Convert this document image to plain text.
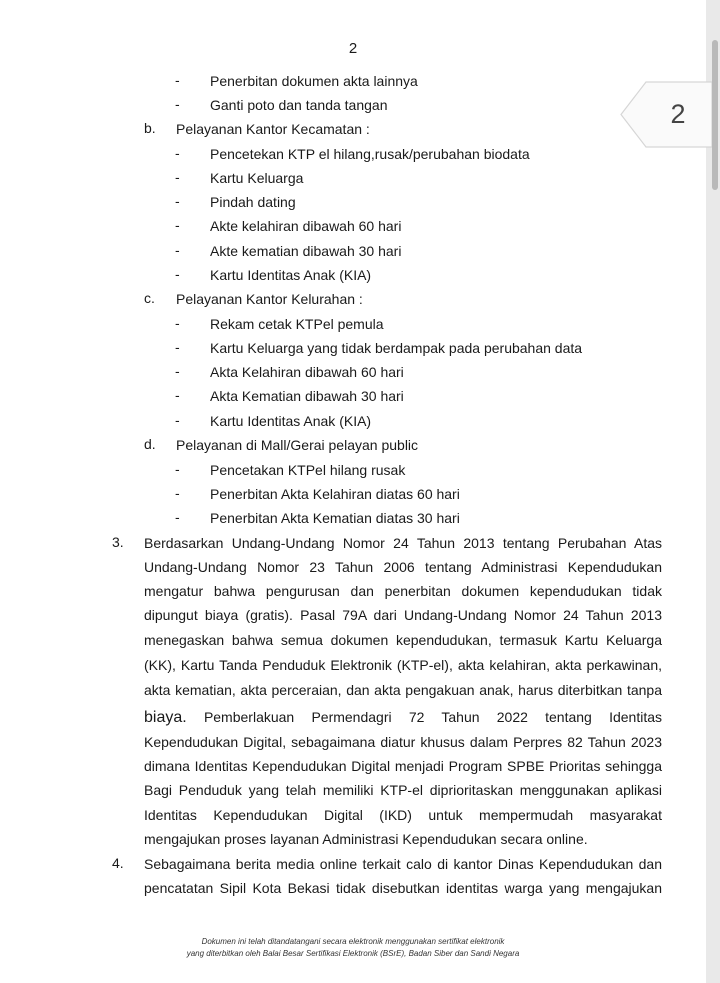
2
- Penerbitan dokumen akta lainnya
- Ganti poto dan tanda tangan
b. Pelayanan Kantor Kecamatan :
- Pencetekan KTP el hilang,rusak/perubahan biodata
- Kartu Keluarga
- Pindah dating
- Akte kelahiran dibawah 60 hari
- Akte kematian dibawah 30 hari
- Kartu Identitas Anak (KIA)
c. Pelayanan Kantor Kelurahan :
- Rekam cetak KTPel pemula
- Kartu Keluarga yang tidak berdampak pada perubahan data
- Akta Kelahiran dibawah 60 hari
- Akta Kematian dibawah 30 hari
- Kartu Identitas Anak (KIA)
d. Pelayanan di Mall/Gerai pelayan public
- Pencetakan KTPel hilang rusak
- Penerbitan Akta Kelahiran diatas 60 hari
- Penerbitan Akta Kematian diatas 30 hari
3. Berdasarkan Undang-Undang Nomor 24 Tahun 2013 tentang Perubahan Atas
Undang-Undang Nomor 23 Tahun 2006 tentang Administrasi Kependudukan
mengatur bahwa pengurusan dan penerbitan dokumen kependudukan tidak
dipungut biaya (gratis). Pasal 79A dari Undang-Undang Nomor 24 Tahun 2013
menegaskan bahwa semua dokumen kependudukan, termasuk Kartu Keluarga
(KK), Kartu Tanda Penduduk Elektronik (KTP-el), akta kelahiran, akta perkawinan,
akta kematian, akta perceraian, dan akta pengakuan anak, harus diterbitkan tanpa
biaya. Pemberlakuan Permendagri 72 Tahun 2022 tentang Identitas
Kependudukan Digital, sebagaimana diatur khusus dalam Perpres 82 Tahun 2023
dimana Identitas Kependudukan Digital menjadi Program SPBE Prioritas sehingga
Bagi Penduduk yang telah memiliki KTP-el diprioritaskan menggunakan aplikasi
Identitas Kependudukan Digital (IKD) untuk mempermudah masyarakat
mengajukan proses layanan Administrasi Kependudukan secara online.
4. Sebagaimana berita media online terkait calo di kantor Dinas Kependudukan dan
pencatatan Sipil Kota Bekasi tidak disebutkan identitas warga yang mengajukan
Dokumen ini telah ditandatangani secara elektronik menggunakan sertifikat elektronik
yang diterbitkan oleh Balai Besar Sertifikasi Elektronik (BSrE), Badan Siber dan Sandi Negara
2
